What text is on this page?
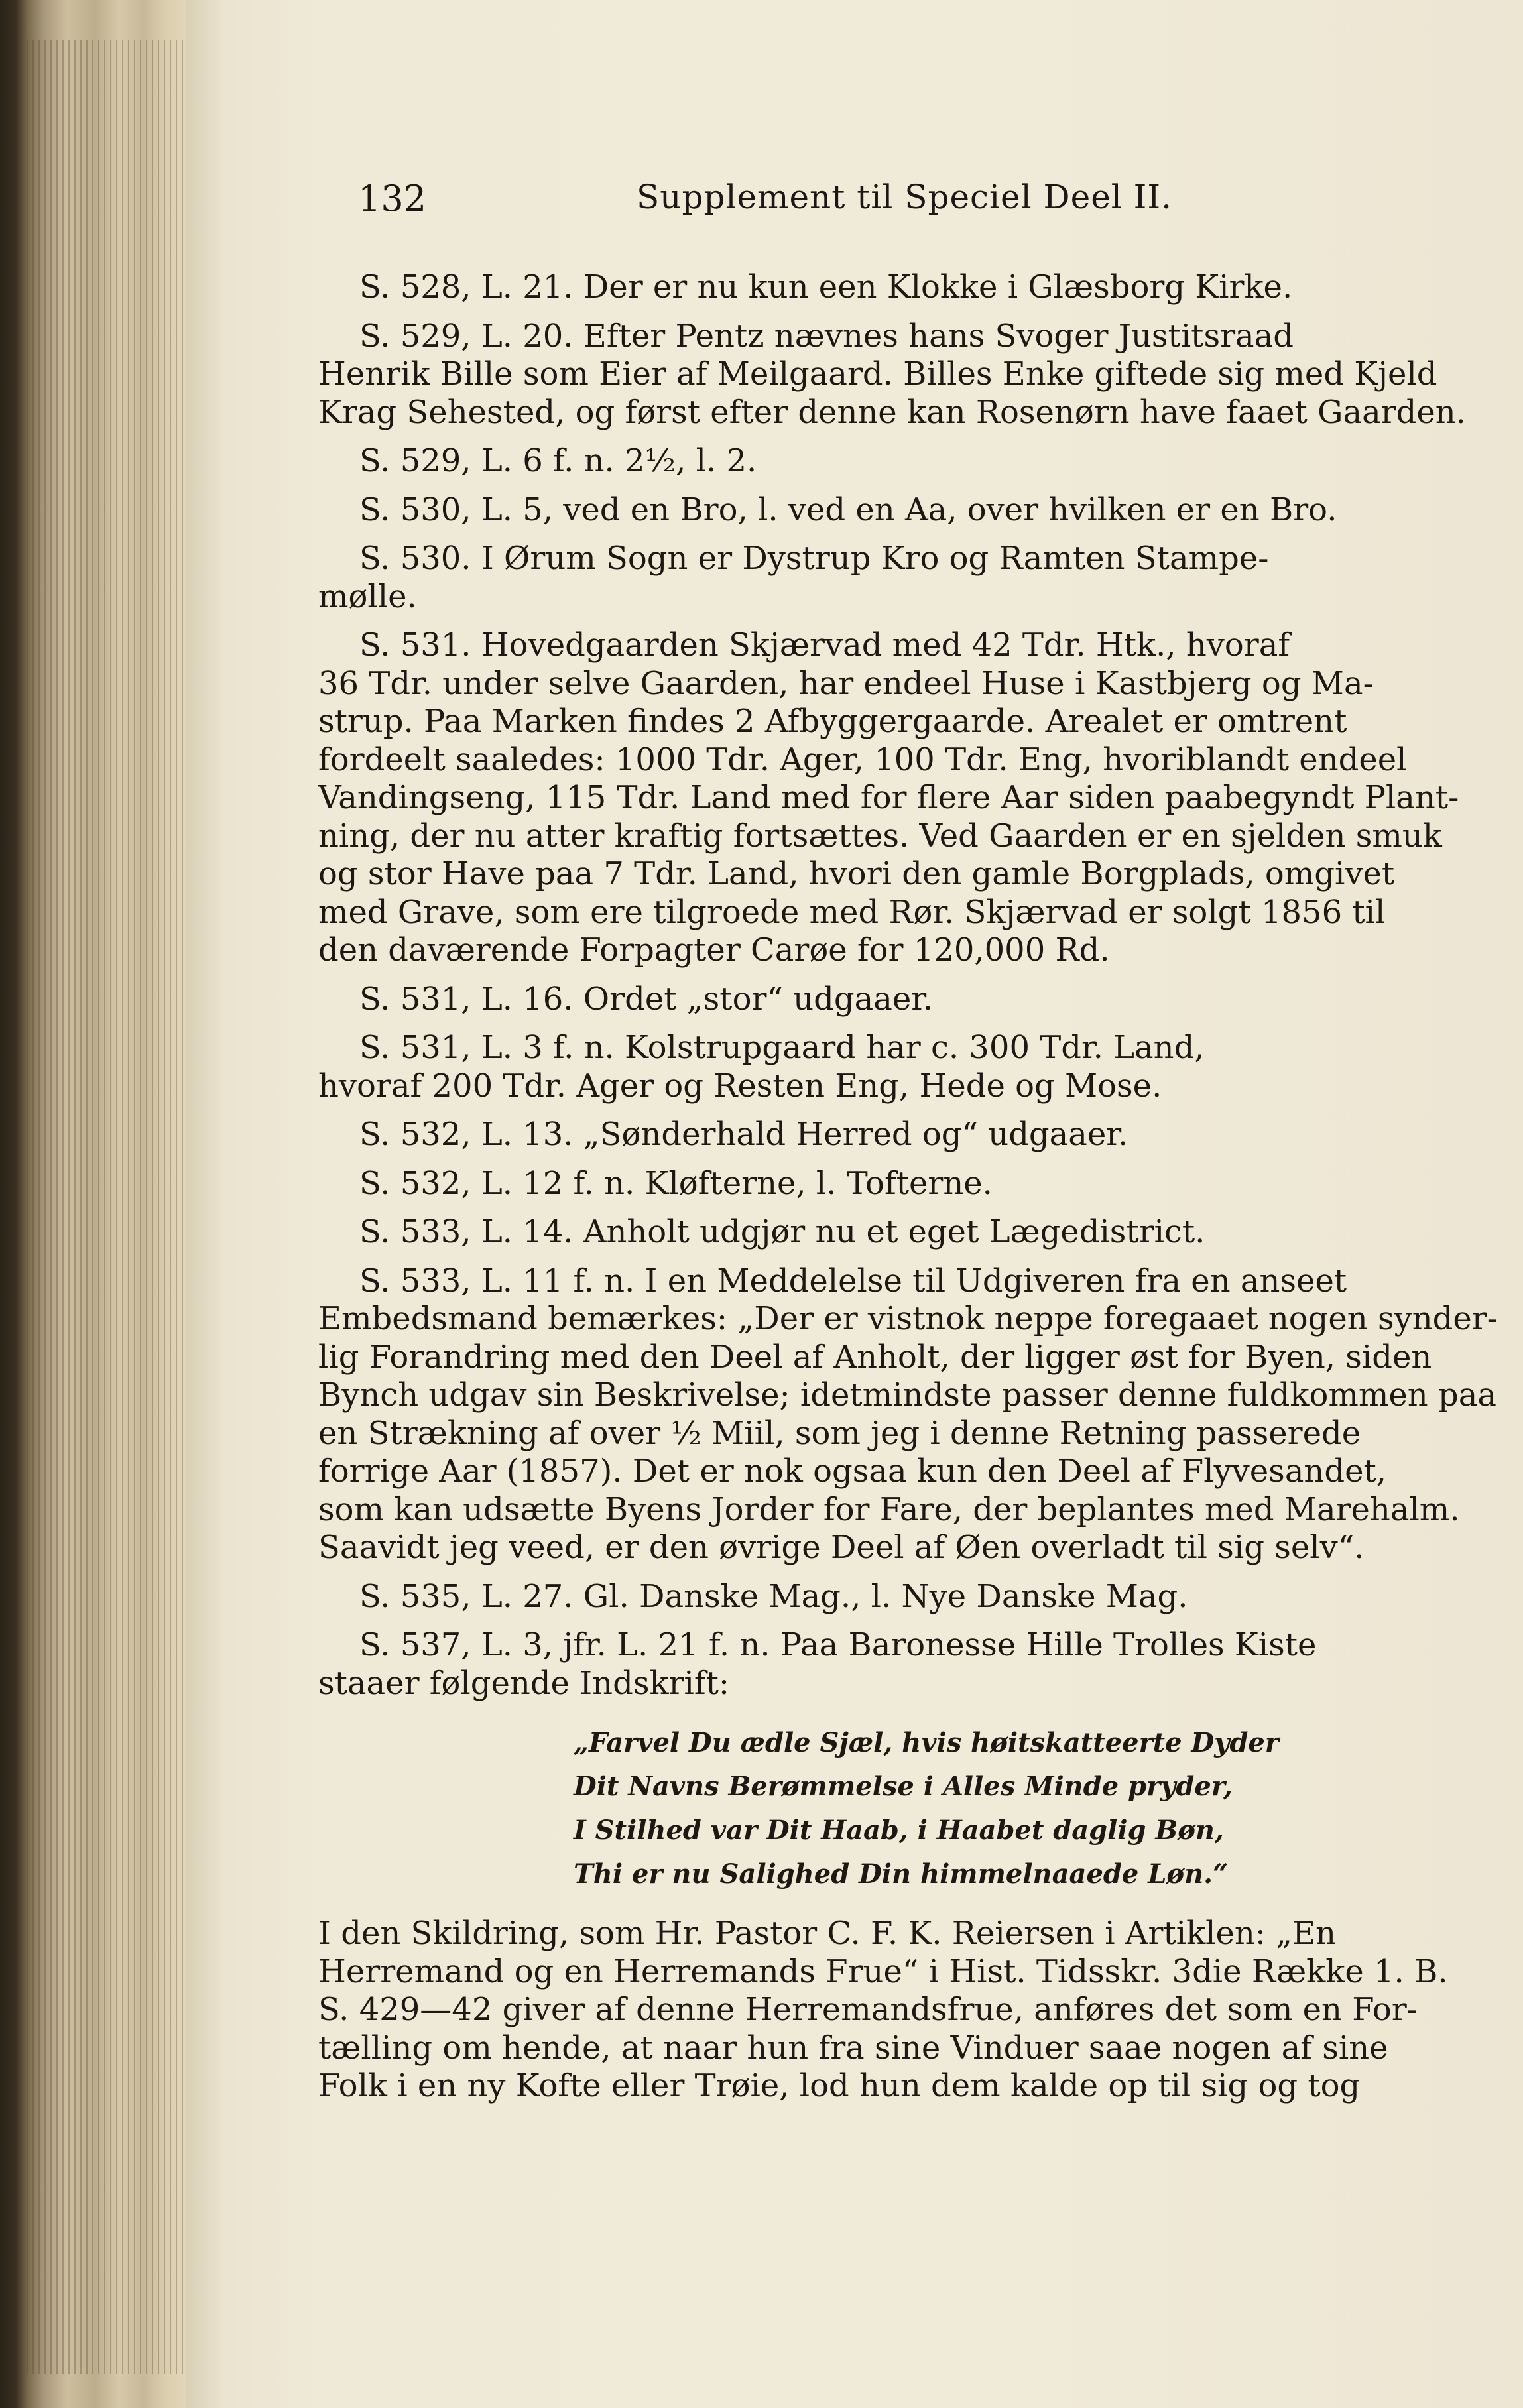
132	Supplement til Speciel Deel II.
S. 528, L. 21. Der er nu kun een Klokke i Glæsborg Kirke.
S. 529, L. 20. Efter Pentz nævnes hans Svoger Justitsraad
Henrik Bille som Eier af Meilgaard. Billes Enke giftede sig med Kjeld
Krag Sehested, og først efter denne kan Rosenørn have faaet Gaarden.
S. 529, L. 6 f. n. 2½, l. 2.
S. 530, L. 5, ved en Bro, l. ved en Aa, over hvilken er en Bro.
S. 530. I Ørum Sogn er Dystrup Kro og Ramten Stampe-
mølle.
S. 531. Hovedgaarden Skjærvad med 42 Tdr. Htk., hvoraf
36 Tdr. under selve Gaarden, har endeel Huse i Kastbjerg og Ma-
strup. Paa Marken findes 2 Afbyggergaarde. Arealet er omtrent
fordeelt saaledes: 1000 Tdr. Ager, 100 Tdr. Eng, hvoriblandt endeel
Vandingseng, 115 Tdr. Land med for flere Aar siden paabegyndt Plant-
ning, der nu atter kraftig fortsættes. Ved Gaarden er en sjelden smuk
og stor Have paa 7 Tdr. Land, hvori den gamle Borgplads, omgivet
med Grave, som ere tilgroede med Rør. Skjærvad er solgt 1856 til
den daværende Forpagter Carøe for 120,000 Rd.
S. 531, L. 16. Ordet „stor“ udgaaer.
S. 531, L. 3 f. n. Kolstrupgaard har c. 300 Tdr. Land,
hvoraf 200 Tdr. Ager og Resten Eng, Hede og Mose.
S. 532, L. 13. „Sønderhald Herred og“ udgaaer.
S. 532, L. 12 f. n. Kløfterne, l. Tofterne.
S. 533, L. 14. Anholt udgjør nu et eget Lægedistrict.
S. 533, L. 11 f. n. I en Meddelelse til Udgiveren fra en anseet
Embedsmand bemærkes: „Der er vistnok neppe foregaaet nogen synder-
lig Forandring med den Deel af Anholt, der ligger øst for Byen, siden
Bynch udgav sin Beskrivelse; idetmindste passer denne fuldkommen paa
en Strækning af over ½ Miil, som jeg i denne Retning passerede
forrige Aar (1857). Det er nok ogsaa kun den Deel af Flyvesandet,
som kan udsætte Byens Jorder for Fare, der beplantes med Marehalm.
Saavidt jeg veed, er den øvrige Deel af Øen overladt til sig selv“.
S. 535, L. 27. Gl. Danske Mag., l. Nye Danske Mag.
S. 537, L. 3, jfr. L. 21 f. n. Paa Baronesse Hille Trolles Kiste
staaer følgende Indskrift:
„Farvel Du ædle Sjæl, hvis høitskatteerte Dyder
Dit Navns Berømmelse i Alles Minde pryder,
I Stilhed var Dit Haab, i Haabet daglig Bøn,
Thi er nu Salighed Din himmelnaaede Løn.“
I den Skildring, som Hr. Pastor C. F. K. Reiersen i Artiklen: „En
Herremand og en Herremands Frue“ i Hist. Tidsskr. 3die Række 1. B.
S. 429—42 giver af denne Herremandsfrue, anføres det som en For-
tælling om hende, at naar hun fra sine Vinduer saae nogen af sine
Folk i en ny Kofte eller Trøie, lod hun dem kalde op til sig og tog
